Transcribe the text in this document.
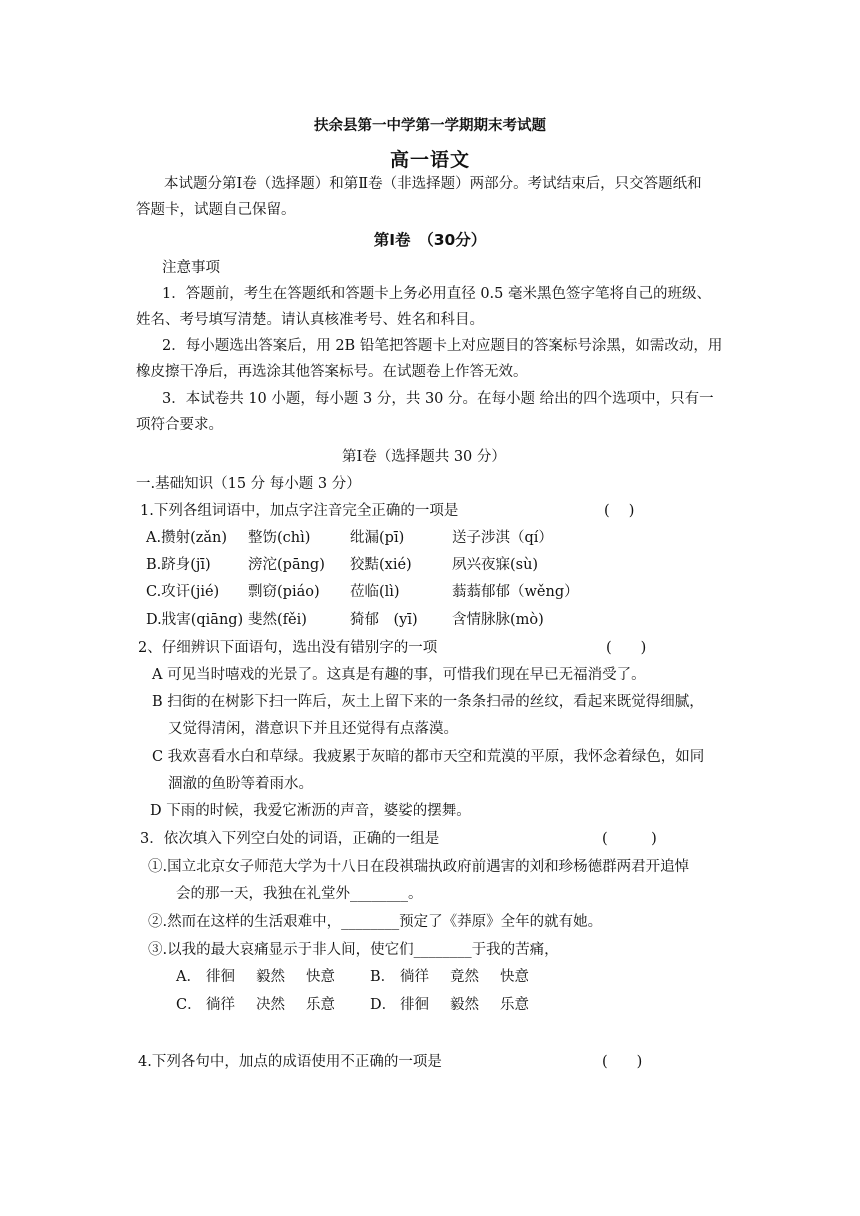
扶余县第一中学第一学期期末考试题
高一语文
本试题分第Ⅰ卷（选择题）和第Ⅱ卷（非选择题）两部分。考试结束后，只交答题纸和
答题卡，试题自己保留。
第Ⅰ卷　（30分）
注意事项
1．答题前，考生在答题纸和答题卡上务必用直径 0.5 毫米黑色签字笔将自己的班级、
姓名、考号填写清楚。请认真核准考号、姓名和科目。
2．每小题选出答案后，用 2B 铅笔把答题卡上对应题目的答案标号涂黑，如需改动，用
橡皮擦干净后，再选涂其他答案标号。在试题卷上作答无效。
3．本试卷共 10 小题，每小题 3 分，共 30 分。在每小题 给出的四个选项中，只有一
项符合要求。
第Ⅰ卷（选择题共 30 分）
一.基础知识（15 分 每小题 3 分）
1.下列各组词语中，加点字注音完全正确的一项是	(　 )
A.攒射(zǎn) 整饬(chì)	纰漏(pī)	送子涉淇（qí）
B.跻身(jī)	滂沱(pāng) 狡黠(xié)	夙兴夜寐(sù)
C.攻讦(jié) 剽窃(piáo) 莅临(lì)	蓊蓊郁郁（wěng）
D.戕害(qiāng) 斐然(fěi)	猗郁　(yī) 含情脉脉(mò)
2、仔细辨识下面语句，选出没有错别字的一项	(　　)
A 可见当时嘻戏的光景了。这真是有趣的事，可惜我们现在早已无福消受了。
B 扫街的在树影下扫一阵后，灰土上留下来的一条条扫帚的丝纹，看起来既觉得细腻，
又觉得清闲，潜意识下并且还觉得有点落漠。
C 我欢喜看水白和草绿。我疲累于灰暗的都市天空和荒漠的平原，我怀念着绿色，如同
涸澈的鱼盼等着雨水。
D 下雨的时候，我爱它淅沥的声音，婆娑的摆舞。
3．依次填入下列空白处的词语，正确的一组是	(　　　)
①.国立北京女子师范大学为十八日在段祺瑞执政府前遇害的刘和珍杨德群两君开追悼
会的那一天，我独在礼堂外________。
②.然而在这样的生活艰难中，________预定了《莽原》全年的就有她。
③.以我的最大哀痛显示于非人间，使它们________于我的苦痛，
A． 徘徊 毅然 快意 B． 徜徉 竟然 快意
C． 徜徉 决然 乐意 D． 徘徊 毅然 乐意
4.下列各句中，加点的成语使用不正确的一项是	(　　)
